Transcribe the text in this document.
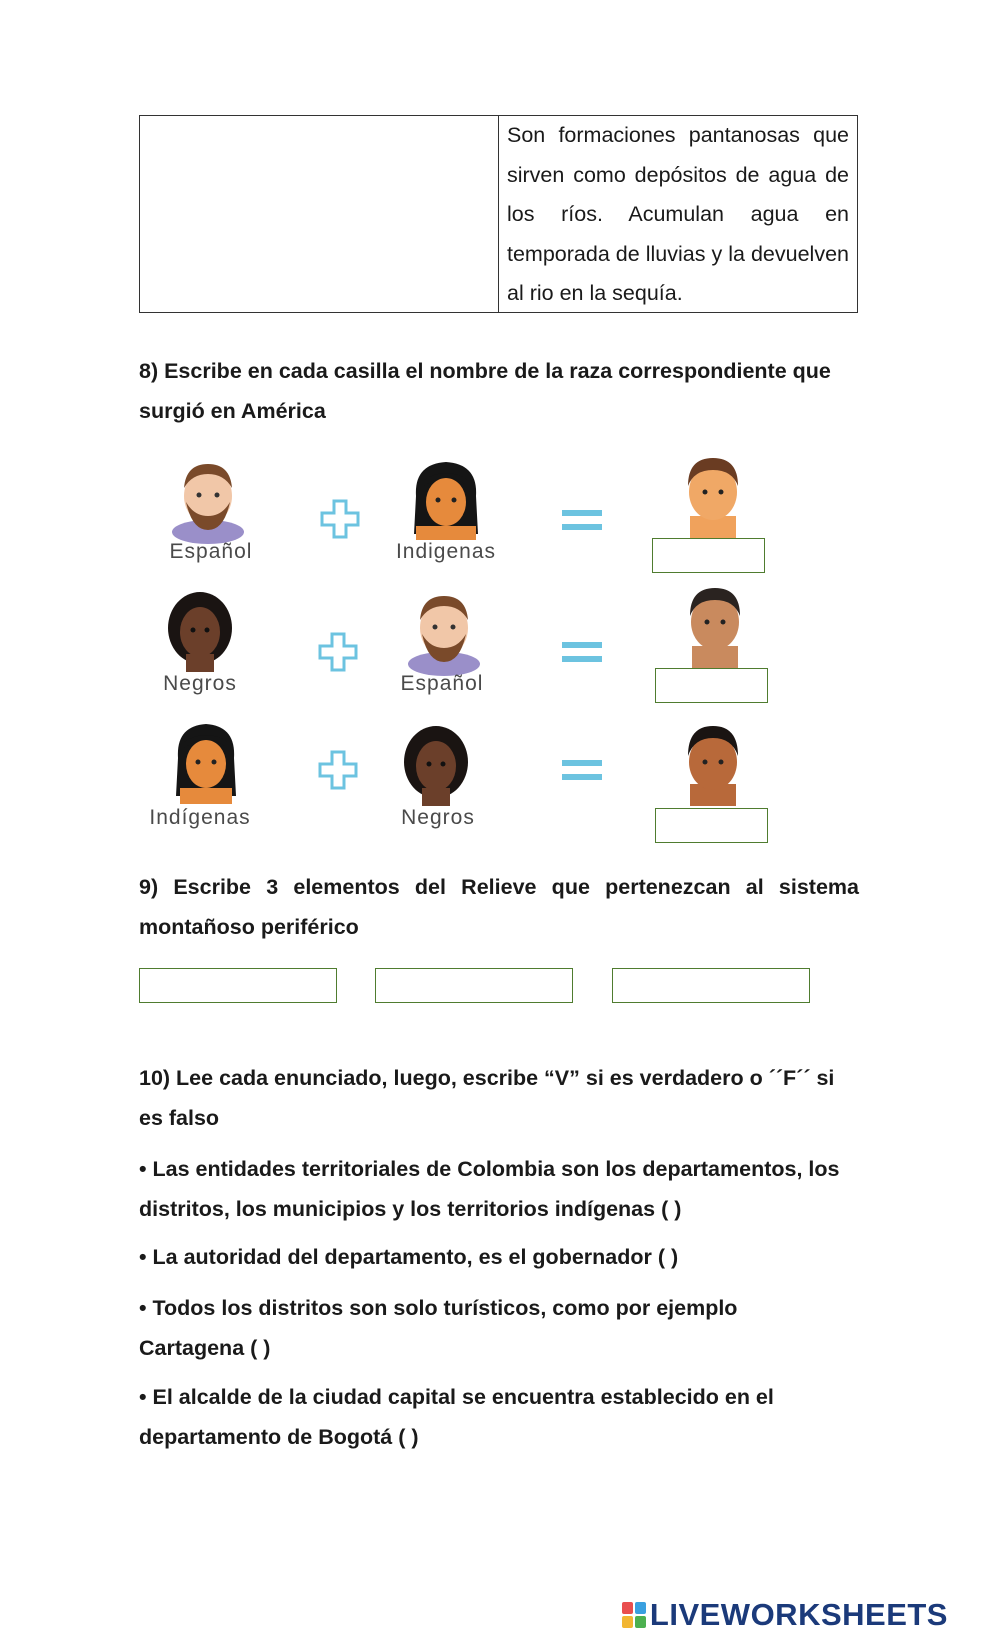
Son formaciones pantanosas que sirven como depósitos de agua de los ríos. Acumulan agua en temporada de lluvias y la devuelven al rio en la sequía.
8) Escribe en cada casilla el nombre de la raza correspondiente que surgió en América
Español	Indigenas
Negros	Español
Indígenas	Negros
9) Escribe 3 elementos del Relieve que pertenezcan al sistema montañoso periférico
10) Lee cada enunciado, luego, escribe “V” si es verdadero o ´´F´´ si es falso
• Las entidades territoriales de Colombia son los departamentos, los distritos, los municipios y los territorios indígenas ( )
• La autoridad del departamento, es el gobernador ( )
• Todos los distritos son solo turísticos, como por ejemplo Cartagena ( )
• El alcalde de la ciudad capital se encuentra establecido en el departamento de Bogotá ( )
LIVEWORKSHEETS
